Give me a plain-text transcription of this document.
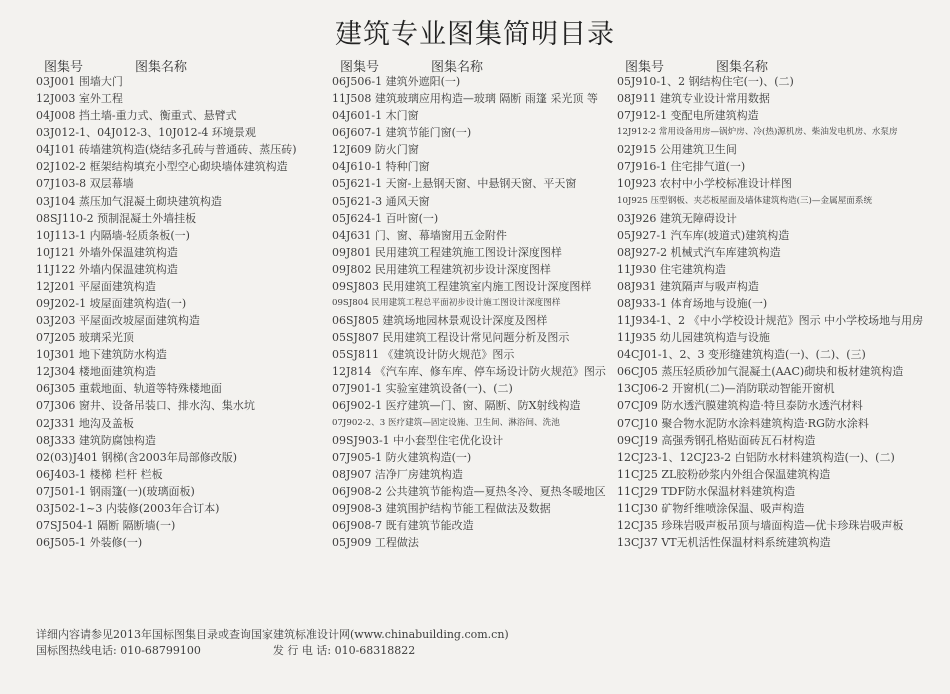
建筑专业图集简明目录
图集号	图集名称
03J001 围墙大门
12J003 室外工程
04J008 挡土墙-重力式、衡重式、悬臂式
03J012-1、04J012-3、10J012-4 环境景观
04J101 砖墙建筑构造(烧结多孔砖与普通砖、蒸压砖)
02J102-2 框架结构填充小型空心砌块墙体建筑构造
07J103-8 双层幕墙
03J104 蒸压加气混凝土砌块建筑构造
08SJ110-2 预制混凝土外墙挂板
10J113-1 内隔墙-轻质条板(一)
10J121 外墙外保温建筑构造
11J122 外墙内保温建筑构造
12J201 平屋面建筑构造
09J202-1 坡屋面建筑构造(一)
03J203 平屋面改坡屋面建筑构造
07J205 玻璃采光顶
10J301 地下建筑防水构造
12J304 楼地面建筑构造
06J305 重载地面、轨道等特殊楼地面
07J306 窗井、设备吊装口、排水沟、集水坑
02J331 地沟及盖板
08J333 建筑防腐蚀构造
02(03)J401 钢梯(含2003年局部修改版)
06J403-1 楼梯 栏杆 栏板
07J501-1 钢雨篷(一)(玻璃面板)
03J502-1~3 内装修(2003年合订本)
07SJ504-1 隔断 隔断墙(一)
06J505-1 外装修(一)
图集号	图集名称
06J506-1 建筑外遮阳(一)
11J508 建筑玻璃应用构造—玻璃 隔断 雨篷 采光顶 等
04J601-1 木门窗
06J607-1 建筑节能门窗(一)
12J609 防火门窗
04J610-1 特种门窗
05J621-1 天窗-上悬钢天窗、中悬钢天窗、平天窗
05J621-3 通风天窗
05J624-1 百叶窗(一)
04J631 门、窗、幕墙窗用五金附件
09J801 民用建筑工程建筑施工图设计深度图样
09J802 民用建筑工程建筑初步设计深度图样
09SJ803 民用建筑工程建筑室内施工图设计深度图样
09SJ804 民用建筑工程总平面初步设计施工图设计深度图样
06SJ805 建筑场地园林景观设计深度及图样
05SJ807 民用建筑工程设计常见问题分析及图示
05SJ811 《建筑设计防火规范》图示
12J814 《汽车库、修车库、停车场设计防火规范》图示
07J901-1 实验室建筑设备(一)、(二)
06J902-1 医疗建筑—门、窗、隔断、防X射线构造
07J902-2、3 医疗建筑—固定设施、卫生间、淋浴间、洗池
09SJ903-1 中小套型住宅优化设计
07J905-1 防火建筑构造(一)
08J907 洁净厂房建筑构造
06J908-2 公共建筑节能构造—夏热冬冷、夏热冬暖地区
09J908-3 建筑围护结构节能工程做法及数据
06J908-7 既有建筑节能改造
05J909 工程做法
图集号	图集名称
05J910-1、2 钢结构住宅(一)、(二)
08J911 建筑专业设计常用数据
07J912-1 变配电所建筑构造
12J912-2 常用设备用房—锅炉房、冷(热)源机房、柴油发电机房、水泵房
02J915 公用建筑卫生间
07J916-1 住宅排气道(一)
10J923 农村中小学校标准设计样图
10J925 压型钢板、夹芯板屋面及墙体建筑构造(三)—金属屋面系统
03J926 建筑无障碍设计
05J927-1 汽车库(坡道式)建筑构造
08J927-2 机械式汽车库建筑构造
11J930 住宅建筑构造
08J931 建筑隔声与吸声构造
08J933-1 体育场地与设施(一)
11J934-1、2 《中小学校设计规范》图示 中小学校场地与用房
11J935 幼儿园建筑构造与设施
04CJ01-1、2、3 变形缝建筑构造(一)、(二)、(三)
06CJ05 蒸压轻质砂加气混凝土(AAC)砌块和板材建筑构造
13CJ06-2 开窗机(二)—消防联动智能开窗机
07CJ09 防水透汽膜建筑构造·特旦泰防水透汽材料
07CJ10 聚合物水泥防水涂料建筑构造·RG防水涂料
09CJ19 高强秀钢孔格贴面砖瓦石材构造
12CJ23-1、12CJ23-2 白铝防水材料建筑构造(一)、(二)
11CJ25 ZL胶粉砂浆内外组合保温建筑构造
11CJ29 TDF防水保温材料建筑构造
11CJ30 矿物纤维喷涂保温、吸声构造
12CJ35 珍珠岩吸声板吊顶与墙面构造—优卡珍珠岩吸声板
13CJ37 VT无机活性保温材料系统建筑构造
详细内容请参见2013年国标图集目录或查询国家建筑标准设计网(www.chinabuilding.com.cn)
国标图热线电话: 010-68799100	发 行 电 话: 010-68318822
